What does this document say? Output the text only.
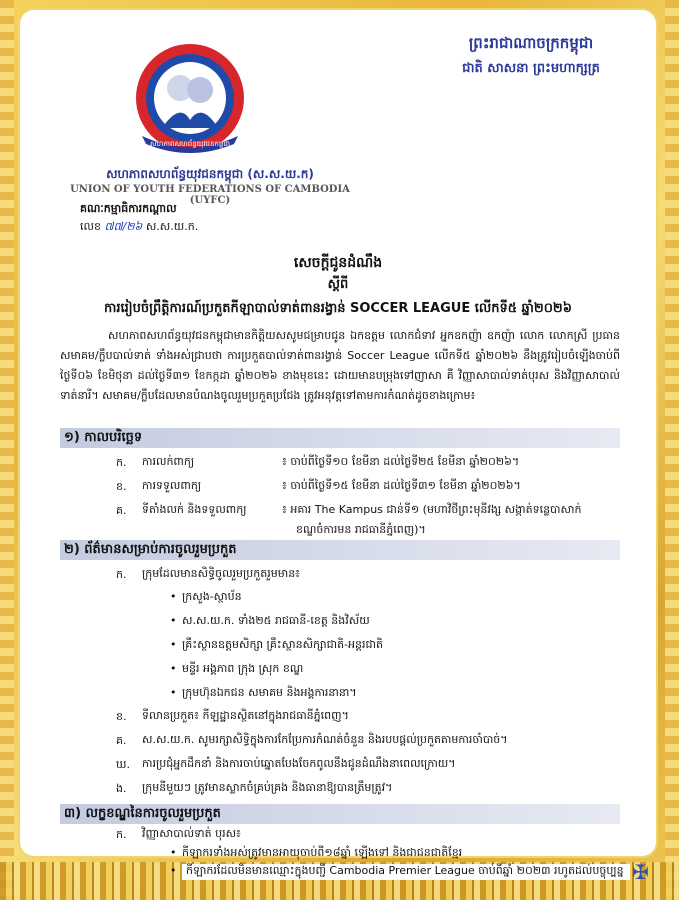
សហភាពសហព័ន្ធយុវជនកម្ពុជា
សហភាពសហព័ន្ធយុវជនកម្ពុជា (ស.ស.យ.ក)
UNION OF YOUTH FEDERATIONS OF CAMBODIA (UYFC)
គណៈកម្មាធិការកណ្ដាល
លេខ ៧៧/២៦ ស.ស.យ.ក.
ព្រះរាជាណាចក្រកម្ពុជា
ជាតិ សាសនា ព្រះមហាក្សត្រ
សេចក្តីជូនដំណឹង
ស្តីពី
ការរៀបចំព្រឹត្តិការណ៍ប្រកួតកីឡាបាល់ទាត់ពានរង្វាន់ SOCCER LEAGUE លើកទី៥ ឆ្នាំ២០២៦
សហភាពសហព័ន្ធយុវជនកម្ពុជាមានកិត្តិយសសូមជម្រាបជូន ឯកឧត្តម លោកជំទាវ អ្នកឧកញ៉ា ឧកញ៉ា លោក លោកស្រី ប្រធានសមាគម/ក្លឹបបាល់ទាត់ ទាំងអស់ជ្រាបថា ការប្រកួតបាល់ទាត់ពានរង្វាន់ Soccer League លើកទី៥ ឆ្នាំ២០២៦ នឹងត្រូវរៀបចំឡើងចាប់ពីថ្ងៃទី០៦ ខែមិថុនា ដល់ថ្ងៃទី៣១ ខែកក្កដា ឆ្នាំ២០២៦ ខាងមុខនេះ ដោយមានបម្រុងទៅញាសា គឺ វិញ្ញាសាបាល់ទាត់បុរស និងវិញ្ញាសាបាល់ទាត់នារី។ សមាគម/ក្លឹបដែលមានបំណងចូលរួមប្រកួតប្រជែង ត្រូវអនុវត្តទៅតាមការកំណត់ដូចខាងក្រោម៖
១) កាលបរិច្ឆេទ
ក. ការលក់ពាក្យ	៖ ចាប់ពីថ្ងៃទី១០ ខែមីនា ដល់ថ្ងៃទី២៥ ខែមីនា ឆ្នាំ២០២៦។
ខ. ការទទួលពាក្យ	៖ ចាប់ពីថ្ងៃទី១៥ ខែមីនា ដល់ថ្ងៃទី៣១ ខែមីនា ឆ្នាំ២០២៦។
គ. ទីតាំងលក់ និងទទួលពាក្យ	៖ អគារ The Kampus ជាន់ទី១ (មហាវិថីព្រះមុនីវង្ស សង្កាត់ទន្លេបាសាក់
ខណ្ឌចំការមន រាជធានីភ្នំពេញ)។
២) ព័ត៌មានសម្រាប់ការចូលរួមប្រកួត
ក. ក្រុមដែលមានសិទ្ធិចូលរួមប្រកួតរួមមាន៖
• ក្រសួង-ស្ថាប័ន
• ស.ស.យ.ក. ទាំង២៥ រាជធានី-ខេត្ត និងវិស័យ
• គ្រឹះស្ថានឧត្តមសិក្សា គ្រឹះស្ថានសិក្សាជាតិ-អន្តរជាតិ
• មន្ទីរ អង្គភាព ក្រុង ស្រុក ខណ្ឌ
• ក្រុមហ៊ុនឯកជន សមាគម និងអង្គការនានា។
ខ. ទីលានប្រកួត៖ កីឡដ្ឋានស្ថិតនៅក្នុងរាជធានីភ្នំពេញ។
គ. ស.ស.យ.ក. សូមរក្សាសិទ្ធិក្នុងការកែប្រែការកំណត់ចំនួន និងរបបផ្ដល់ប្រកួតតាមការចាំបាច់។
ឃ. ការប្រជុំអ្នកដឹកនាំ និងការចាប់ឆ្នោតបែងចែកពូលនឹងជូនដំណឹងនាពេលក្រោយ។
ង. ក្រុមនីមួយៗ ត្រូវមានស្លាកចំគ្រប់គ្រង និងធានាឱ្យបានត្រឹមត្រូវ។
៣) លក្ខខណ្ឌនៃការចូលរួមប្រកួត
ក. វិញ្ញាសាបាល់ទាត់ បុរស៖
• កីឡាករទាំងអស់ត្រូវមានអាយុចាប់ពី១៨ឆ្នាំ ឡើងទៅ និងជាជនជាតិខ្មែរ
• កីឡាករដែលមិនមានឈ្មោះក្នុងបញ្ជី Cambodia Premier League ចាប់ពីឆ្នាំ ២០២៣ រហូតដល់បច្ចុប្បន្ន ✠
